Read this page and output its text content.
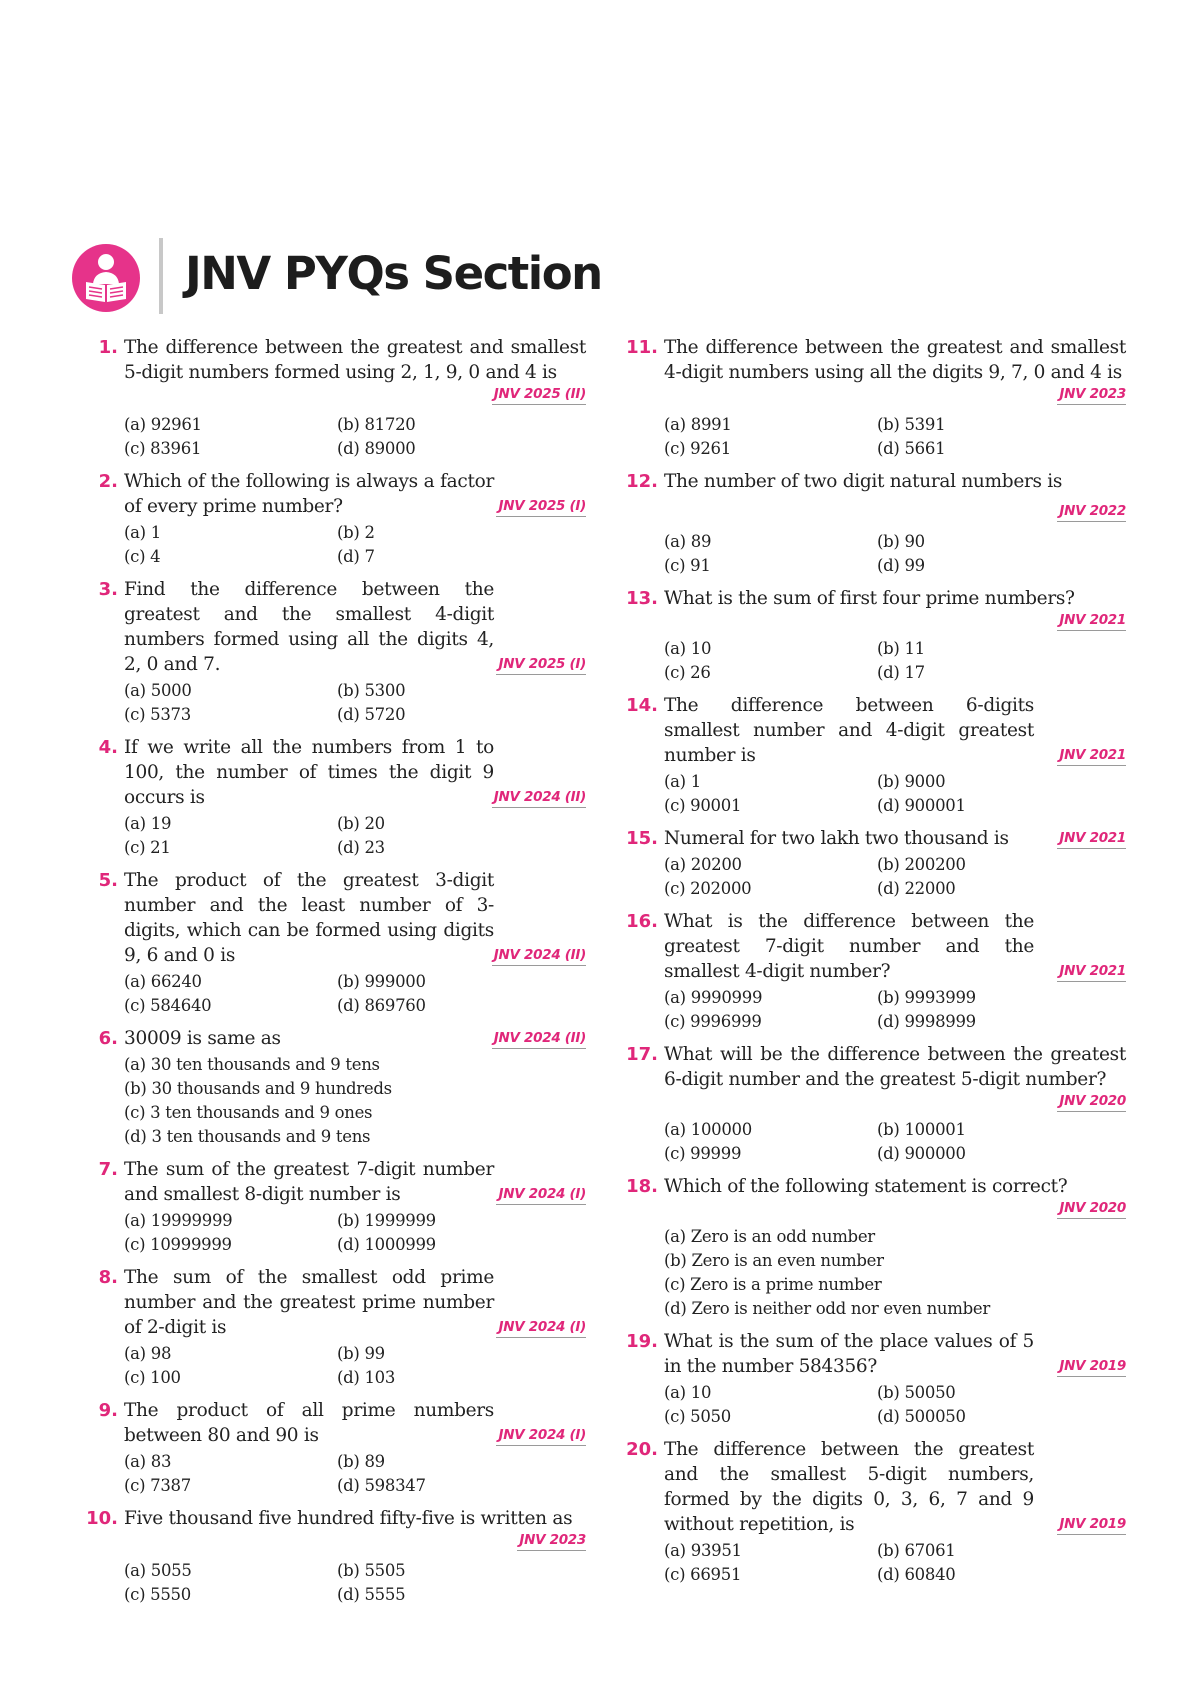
JNV PYQs Section
1. The difference between the greatest and smallest 5-digit numbers formed using 2, 1, 9, 0 and 4 is
JNV 2025 (II)
(a) 92961	(b) 81720
(c) 83961	(d) 89000
2. Which of the following is always a factor of every prime number?	JNV 2025 (I)
(a) 1	(b) 2
(c) 4	(d) 7
3. Find the difference between the greatest and the smallest 4-digit numbers formed using all the digits 4, 2, 0 and 7.	JNV 2025 (I)
(a) 5000	(b) 5300
(c) 5373	(d) 5720
4. If we write all the numbers from 1 to 100, the number of times the digit 9 occurs is	JNV 2024 (II)
(a) 19	(b) 20
(c) 21	(d) 23
5. The product of the greatest 3-digit number and the least number of 3- digits, which can be formed using digits 9, 6 and 0 is	JNV 2024 (II)
(a) 66240	(b) 999000
(c) 584640	(d) 869760
6. 30009 is same as	JNV 2024 (II)
(a) 30 ten thousands and 9 tens
(b) 30 thousands and 9 hundreds
(c) 3 ten thousands and 9 ones
(d) 3 ten thousands and 9 tens
7. The sum of the greatest 7-digit number and smallest 8-digit number is	JNV 2024 (I)
(a) 19999999	(b) 1999999
(c) 10999999	(d) 1000999
8. The sum of the smallest odd prime number and the greatest prime number of 2-digit is	JNV 2024 (I)
(a) 98	(b) 99
(c) 100	(d) 103
9. The product of all prime numbers between 80 and 90 is	JNV 2024 (I)
(a) 83	(b) 89
(c) 7387	(d) 598347
10. Five thousand five hundred fifty-five is written as
JNV 2023
(a) 5055	(b) 5505
(c) 5550	(d) 5555
11. The difference between the greatest and smallest 4-digit numbers using all the digits 9, 7, 0 and 4 is
JNV 2023
(a) 8991	(b) 5391
(c) 9261	(d) 5661
12. The number of two digit natural numbers is
JNV 2022
(a) 89	(b) 90
(c) 91	(d) 99
13. What is the sum of first four prime numbers?
JNV 2021
(a) 10	(b) 11
(c) 26	(d) 17
14. The difference between 6-digits smallest number and 4-digit greatest number is	JNV 2021
(a) 1	(b) 9000
(c) 90001	(d) 900001
15. Numeral for two lakh two thousand is	JNV 2021
(a) 20200	(b) 200200
(c) 202000	(d) 22000
16. What is the difference between the greatest 7-digit number and the smallest 4-digit number?	JNV 2021
(a) 9990999	(b) 9993999
(c) 9996999	(d) 9998999
17. What will be the difference between the greatest 6-digit number and the greatest 5-digit number?
JNV 2020
(a) 100000	(b) 100001
(c) 99999	(d) 900000
18. Which of the following statement is correct?
JNV 2020
(a) Zero is an odd number
(b) Zero is an even number
(c) Zero is a prime number
(d) Zero is neither odd nor even number
19. What is the sum of the place values of 5 in the number 584356?	JNV 2019
(a) 10	(b) 50050
(c) 5050	(d) 500050
20. The difference between the greatest and the smallest 5-digit numbers, formed by the digits 0, 3, 6, 7 and 9 without repetition, is	JNV 2019
(a) 93951	(b) 67061
(c) 66951	(d) 60840
